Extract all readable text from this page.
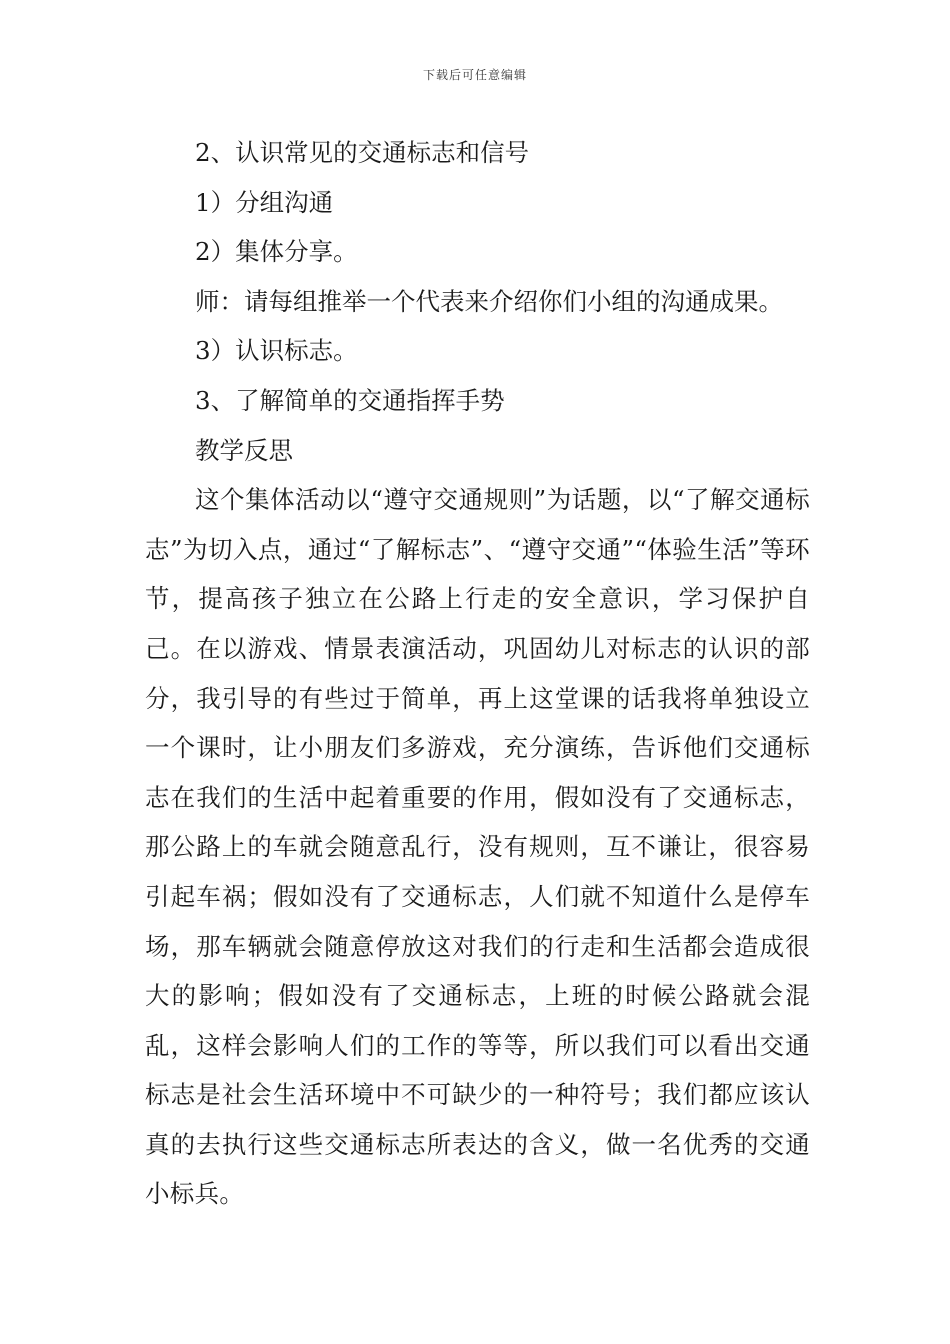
下载后可任意编辑
2、认识常见的交通标志和信号
1）分组沟通
2）集体分享。
师：请每组推举一个代表来介绍你们小组的沟通成果。
3）认识标志。
3、了解简单的交通指挥手势
教学反思

这个集体活动以“遵守交通规则”为话题，以“了解交通标志”为切入点，通过“了解标志”、“遵守交通”“体验生活”等环节，提高孩子独立在公路上行走的安全意识，学习保护自己。在以游戏、情景表演活动，巩固幼儿对标志的认识的部分，我引导的有些过于简单，再上这堂课的话我将单独设立一个课时，让小朋友们多游戏，充分演练，告诉他们交通标志在我们的生活中起着重要的作用，假如没有了交通标志，那公路上的车就会随意乱行，没有规则，互不谦让，很容易引起车祸；假如没有了交通标志，人们就不知道什么是停车场，那车辆就会随意停放这对我们的行走和生活都会造成很大的影响；假如没有了交通标志，上班的时候公路就会混乱，这样会影响人们的工作的等等，所以我们可以看出交通标志是社会生活环境中不可缺少的一种符号；我们都应该认真的去执行这些交通标志所表达的含义，做一名优秀的交通小标兵。
